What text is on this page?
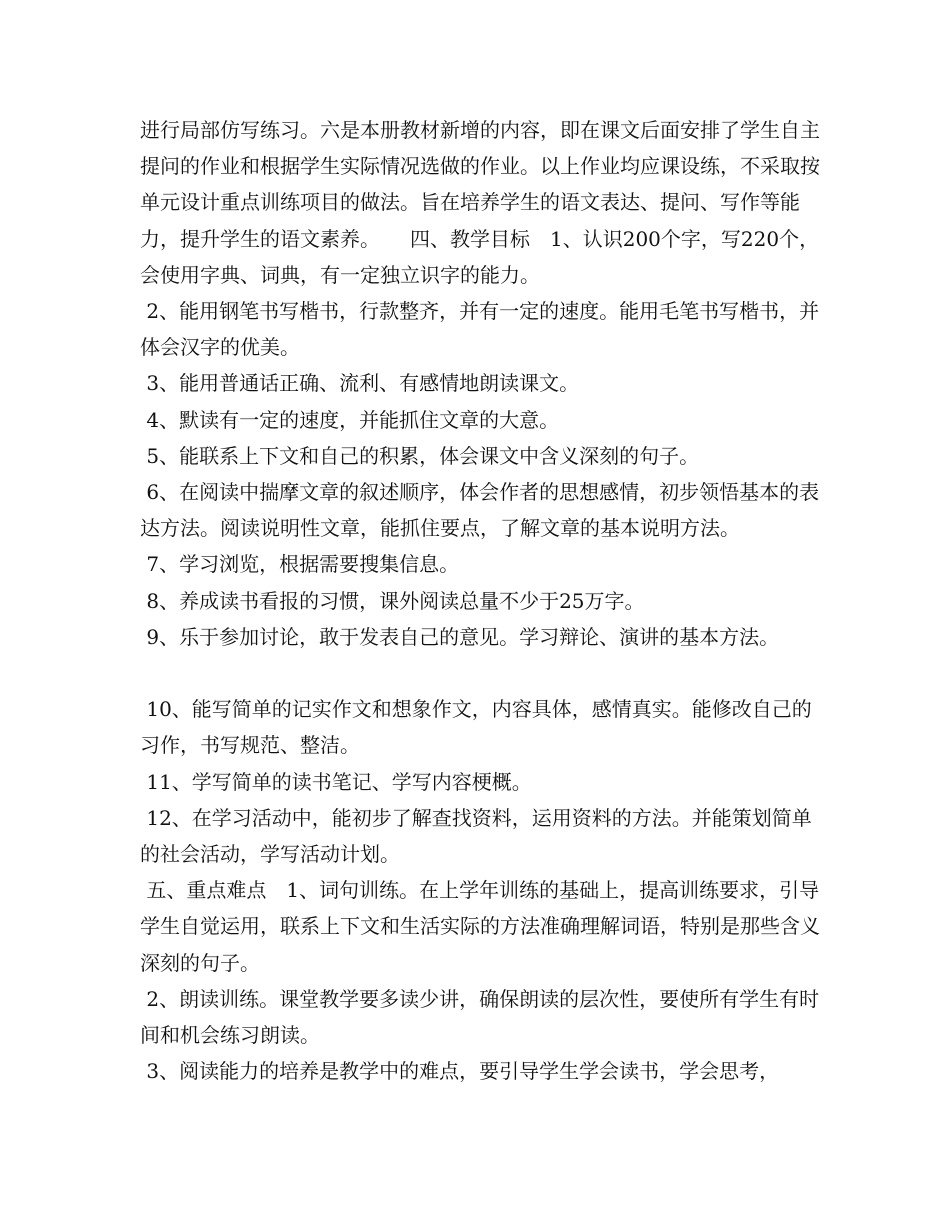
进行局部仿写练习。六是本册教材新增的内容，即在课文后面安排了学生自主提问的作业和根据学生实际情况选做的作业。以上作业均应课设练，不采取按单元设计重点训练项目的做法。旨在培养学生的语文表达、提问、写作等能力，提升学生的语文素养。　　四、教学目标　1、认识200个字，写220个，会使用字典、词典，有一定独立识字的能力。

2、能用钢笔书写楷书，行款整齐，并有一定的速度。能用毛笔书写楷书，并体会汉字的优美。

3、能用普通话正确、流利、有感情地朗读课文。

4、默读有一定的速度，并能抓住文章的大意。

5、能联系上下文和自己的积累，体会课文中含义深刻的句子。

6、在阅读中揣摩文章的叙述顺序，体会作者的思想感情，初步领悟基本的表达方法。阅读说明性文章，能抓住要点，了解文章的基本说明方法。

7、学习浏览，根据需要搜集信息。

8、养成读书看报的习惯，课外阅读总量不少于25万字。

9、乐于参加讨论，敢于发表自己的意见。学习辩论、演讲的基本方法。

10、能写简单的记实作文和想象作文，内容具体，感情真实。能修改自己的习作，书写规范、整洁。

11、学写简单的读书笔记、学写内容梗概。

12、在学习活动中，能初步了解查找资料，运用资料的方法。并能策划简单的社会活动，学写活动计划。

五、重点难点　1、词句训练。在上学年训练的基础上，提高训练要求，引导学生自觉运用，联系上下文和生活实际的方法准确理解词语，特别是那些含义深刻的句子。

2、朗读训练。课堂教学要多读少讲，确保朗读的层次性，要使所有学生有时间和机会练习朗读。

3、阅读能力的培养是教学中的难点，要引导学生学会读书，学会思考，
